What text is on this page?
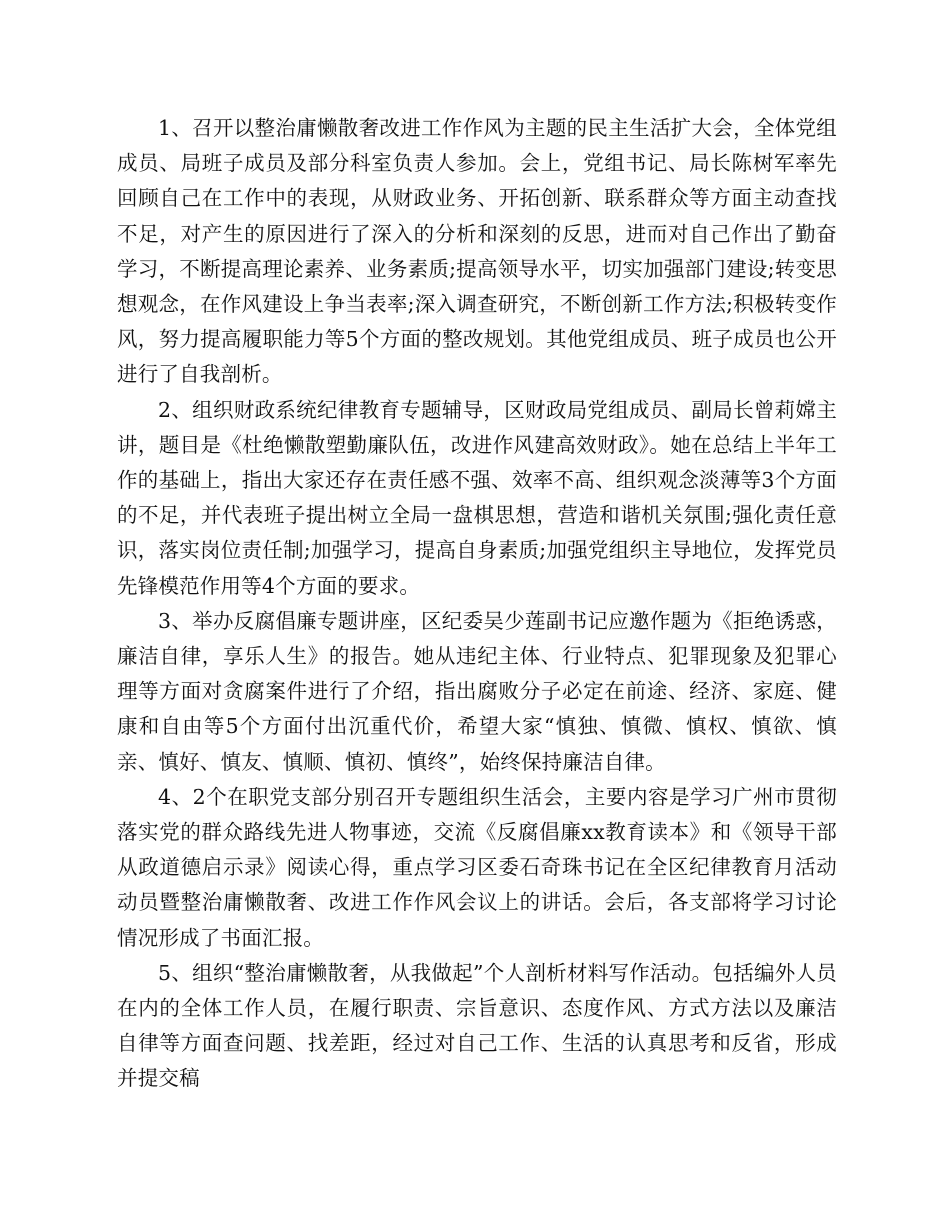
1、召开以整治庸懒散奢改进工作作风为主题的民主生活扩大会，全体党组成员、局班子成员及部分科室负责人参加。会上，党组书记、局长陈树军率先回顾自己在工作中的表现，从财政业务、开拓创新、联系群众等方面主动查找不足，对产生的原因进行了深入的分析和深刻的反思，进而对自己作出了勤奋学习，不断提高理论素养、业务素质;提高领导水平，切实加强部门建设;转变思想观念，在作风建设上争当表率;深入调查研究，不断创新工作方法;积极转变作风，努力提高履职能力等5个方面的整改规划。其他党组成员、班子成员也公开进行了自我剖析。

2、组织财政系统纪律教育专题辅导，区财政局党组成员、副局长曾莉嫦主讲，题目是《杜绝懒散塑勤廉队伍，改进作风建高效财政》。她在总结上半年工作的基础上，指出大家还存在责任感不强、效率不高、组织观念淡薄等3个方面的不足，并代表班子提出树立全局一盘棋思想，营造和谐机关氛围;强化责任意识，落实岗位责任制;加强学习，提高自身素质;加强党组织主导地位，发挥党员先锋模范作用等4个方面的要求。

3、举办反腐倡廉专题讲座，区纪委吴少莲副书记应邀作题为《拒绝诱惑，廉洁自律，享乐人生》的报告。她从违纪主体、行业特点、犯罪现象及犯罪心理等方面对贪腐案件进行了介绍，指出腐败分子必定在前途、经济、家庭、健康和自由等5个方面付出沉重代价，希望大家“慎独、慎微、慎权、慎欲、慎亲、慎好、慎友、慎顺、慎初、慎终”，始终保持廉洁自律。

4、2个在职党支部分别召开专题组织生活会，主要内容是学习广州市贯彻落实党的群众路线先进人物事迹，交流《反腐倡廉xx教育读本》和《领导干部从政道德启示录》阅读心得，重点学习区委石奇珠书记在全区纪律教育月活动动员暨整治庸懒散奢、改进工作作风会议上的讲话。会后，各支部将学习讨论情况形成了书面汇报。

5、组织“整治庸懒散奢，从我做起”个人剖析材料写作活动。包括编外人员在内的全体工作人员，在履行职责、宗旨意识、态度作风、方式方法以及廉洁自律等方面查问题、找差距，经过对自己工作、生活的认真思考和反省，形成并提交稿
